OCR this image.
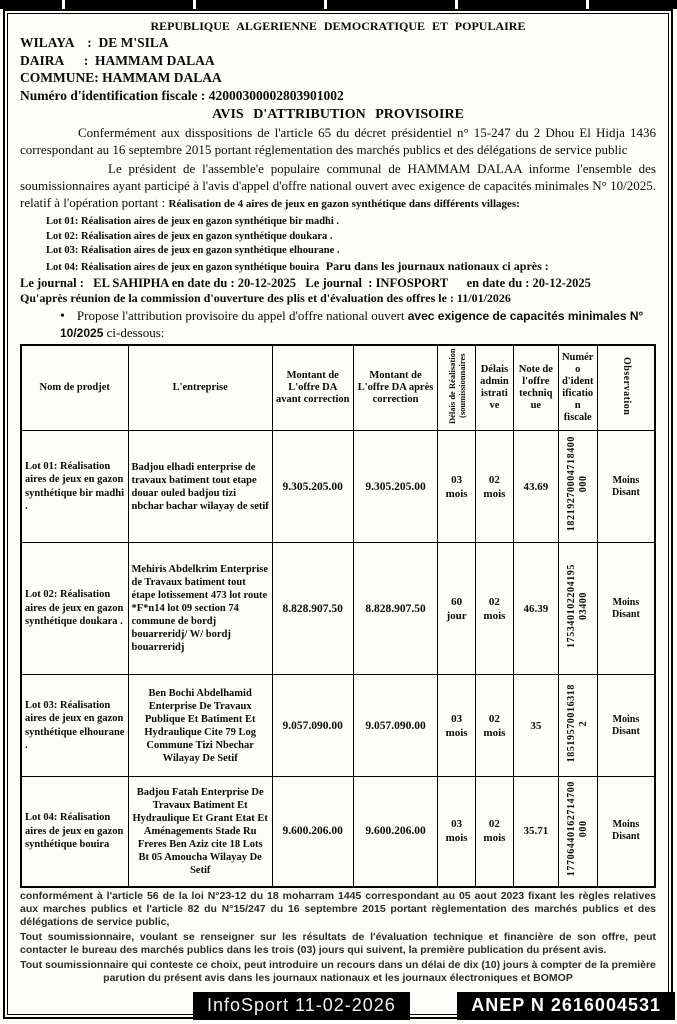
REPUBLIQUE ALGERIENNE DEMOCRATIQUE ET POPULAIRE
WILAYA    :  DE M'SILA
DAIRA      :  HAMMAM DALAA
COMMUNE: HAMMAM DALAA
Numéro d'identification fiscale : 42000300002803901002
AVIS D'ATTRIBUTION PROVISOIRE

Confermément aux disspositions de l'article 65 du décret présidentiel n° 15-247 du 2 Dhou El Hidja 1436 correspondant au 16 septembre 2015 portant réglementation des marchés publics et des délégations de service public

Le président de l'assemble'e populaire communal de HAMMAM DALAA informe l'ensemble des soumissionnaires ayant participé à l'avis d'appel d'offre national ouvert avec exigence de capacités minimales N° 10/2025. relatif à l'opération portant : Réalisation de 4 aires de jeux en gazon synthétique dans différents villages:

Lot 01: Réalisation aires de jeux en gazon synthétique bir madhi .
Lot 02: Réalisation aires de jeux en gazon synthétique doukara .
Lot 03: Réalisation aires de jeux en gazon synthétique elhourane .
Lot 04: Réalisation aires de jeux en gazon synthétique bouira Paru dans les journaux nationaux ci après :
Le journal :   EL SAHIPHA en date du : 20-12-2025   Le journal  : INFOSPORT      en date du : 20-12-2025
Qu'après réunion de la commission d'ouverture des plis et d'évaluation des offres le : 11/01/2026
• Propose l'attribution provisoire du appel d'offre national ouvert avec exigence de capacités minimales N° 10/2025 ci-dessous:
Nom de prodjet	L'entreprise	Montant de L'offre DA avant correction	Montant de L'offre DA après correction	Délais de Réalisation (soumissionnaires	Délais administrative	Note de l'offre technique	Numéro d'identification fiscale	Observation
Lot 01: Réalisation aires de jeux en gazon synthétique bir madhi .	Badjou elhadi enterprise de travaux batiment tout etape douar ouled badjou tizi nbchar bachar wilayay de setif	9.305.205.00	9.305.205.00	03 mois	02 mois	43.69	18219270004718400 000	Moins Disant
Lot 02: Réalisation aires de jeux en gazon synthétique doukara .	Mehiris Abdelkrim Enterprise de Travaux batiment tout étape lotissement 473 lot route *F*n14 lot 09 section 74 commune de bordj bouarreridj/ W/ bordj bouarreridj	8.828.907.50	8.828.907.50	60 jour	02 mois	46.39	175340102204195 03400	Moins Disant
Lot 03: Réalisation aires de jeux en gazon synthétique elhourane .	Ben Bochi Abdelhamid Enterprise De Travaux Publique Et Batiment Et Hydraulique Cite 79 Log Commune Tizi Nbechar Wilayay De Setif	9.057.090.00	9.057.090.00	03 mois	02 mois	35	18519570016318 2	Moins Disant
Lot 04: Réalisation aires de jeux en gazon synthétique bouira	Badjou Fatah Enterprise De Travaux Batiment Et Hydraulique Et Grant Etat Et Aménagements Stade Ru Freres Ben Aziz cite 18 Lots Bt 05 Amoucha Wilayay De Setif	9.600.206.00	9.600.206.00	03 mois	02 mois	35.71	17706440162714700 000	Moins Disant

conformément à l'article 56 de la loi N°23-12 du 18 moharram 1445 correspondant au 05 aout 2023 fixant les règles relatives aux marches publics et l'article 82 du N°15/247 du 16 septembre 2015 portant règlementation des marchés publics et des délégations de service public,

Tout soumissionnaire, voulant se renseigner sur les résultats de l'évaluation technique et financière de son offre, peut contacter le bureau des marchés publics dans les trois (03) jours qui suivent, la première publication du présent avis.

Tout soumissionnaire qui conteste ce choix, peut introduire un recours dans un délai de dix (10) jours à compter de la première parution du présent avis dans les journaux nationaux et les journaux électroniques et BOMOP

InfoSport 11-02-2026	ANEP N 2616004531
